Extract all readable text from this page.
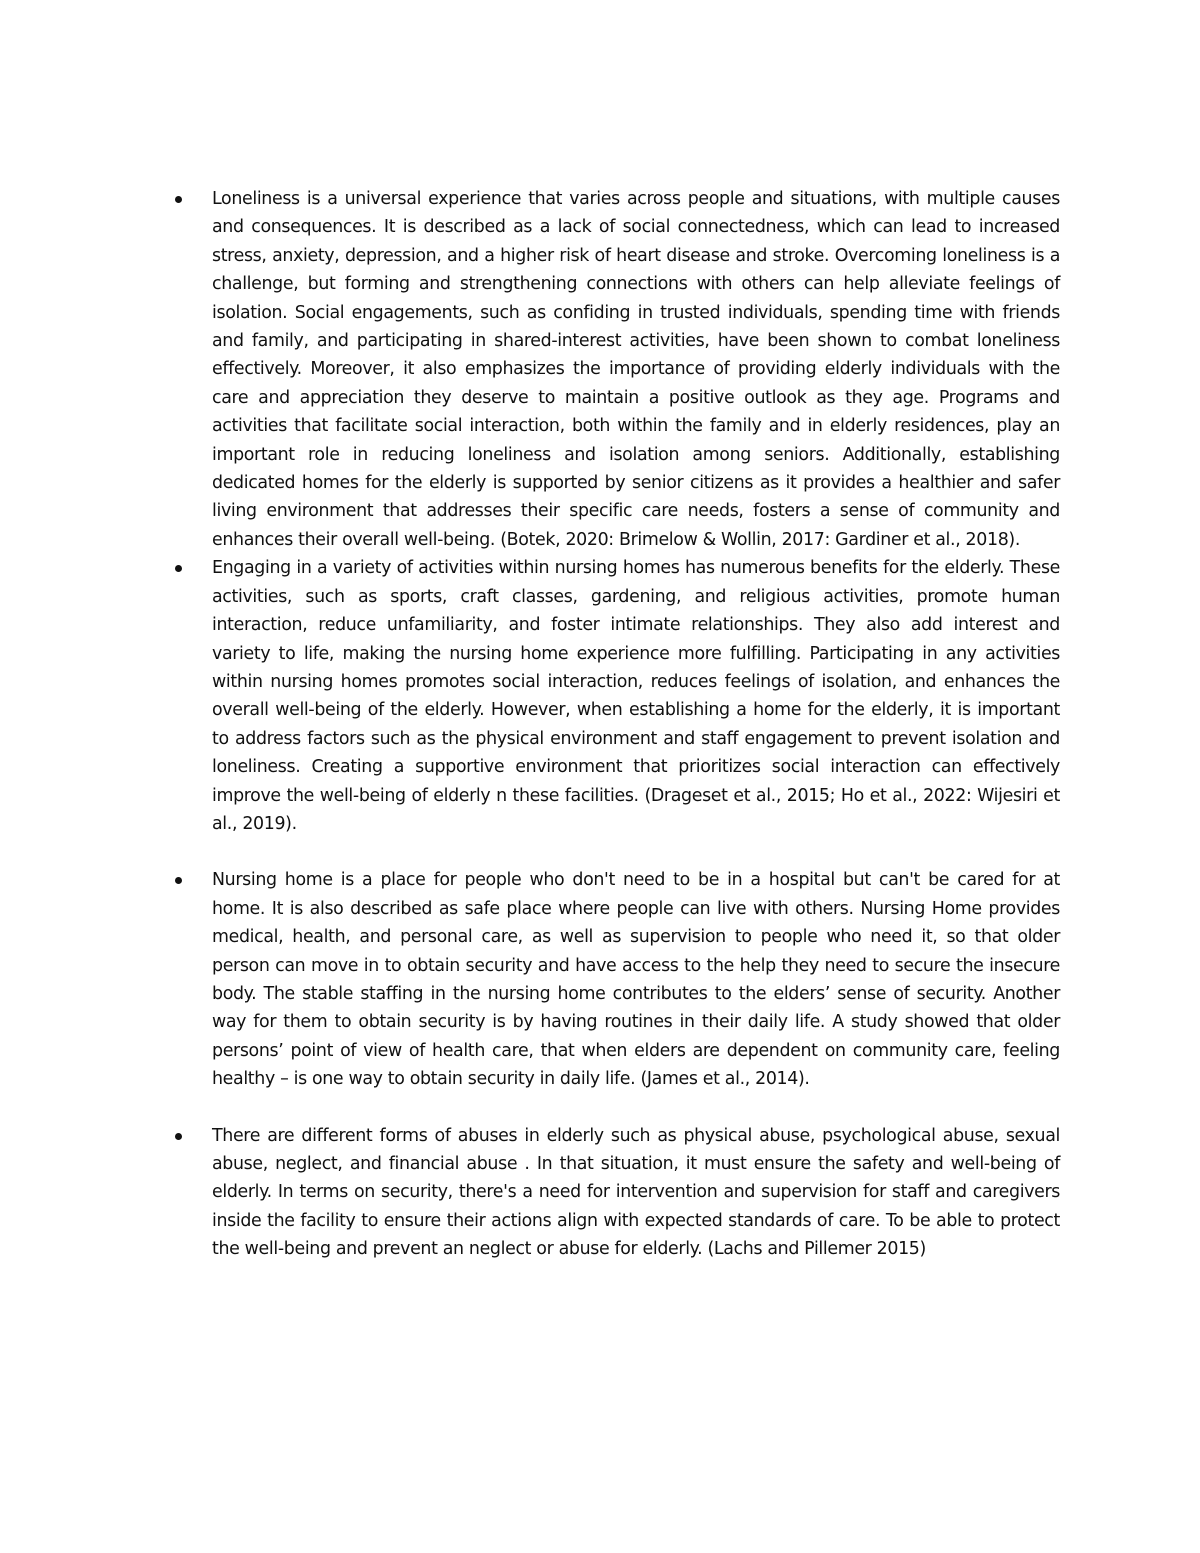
Loneliness is a universal experience that varies across people and situations, with multiple causes and consequences. It is described as a lack of social connectedness, which can lead to increased stress, anxiety, depression, and a higher risk of heart disease and stroke. Overcoming loneliness is a challenge, but forming and strengthening connections with others can help alleviate feelings of isolation. Social engagements, such as confiding in trusted individuals, spending time with friends and family, and participating in shared-interest activities, have been shown to combat loneliness effectively. Moreover, it also emphasizes the importance of providing elderly individuals with the care and appreciation they deserve to maintain a positive outlook as they age. Programs and activities that facilitate social interaction, both within the family and in elderly residences, play an important role in reducing loneliness and isolation among seniors. Additionally, establishing dedicated homes for the elderly is supported by senior citizens as it provides a healthier and safer living environment that addresses their specific care needs, fosters a sense of community and enhances their overall well-being. (Botek, 2020: Brimelow & Wollin, 2017: Gardiner et al., 2018).
Engaging in a variety of activities within nursing homes has numerous benefits for the elderly. These activities, such as sports, craft classes, gardening, and religious activities, promote human interaction, reduce unfamiliarity, and foster intimate relationships. They also add interest and variety to life, making the nursing home experience more fulfilling. Participating in any activities within nursing homes promotes social interaction, reduces feelings of isolation, and enhances the overall well-being of the elderly. However, when establishing a home for the elderly, it is important to address factors such as the physical environment and staff engagement to prevent isolation and loneliness. Creating a supportive environment that prioritizes social interaction can effectively improve the well-being of elderly n these facilities. (Drageset et al., 2015; Ho et al., 2022: Wijesiri et al., 2019).
Nursing home is a place for people who don't need to be in a hospital but can't be cared for at home. It is also described as safe place where people can live with others. Nursing Home provides medical, health, and personal care, as well as supervision to people who need it, so that older person can move in to obtain security and have access to the help they need to secure the insecure body. The stable staffing in the nursing home contributes to the elders’ sense of security. Another way for them to obtain security is by having routines in their daily life. A study showed that older persons’ point of view of health care, that when elders are dependent on community care, feeling healthy – is one way to obtain security in daily life. (James et al., 2014).
There are different forms of abuses in elderly such as physical abuse, psychological abuse, sexual abuse, neglect, and financial abuse . In that situation, it must ensure the safety and well-being of elderly. In terms on security, there's a need for intervention and supervision for staff and caregivers inside the facility to ensure their actions align with expected standards of care. To be able to protect the well-being and prevent an neglect or abuse for elderly. (Lachs and Pillemer 2015)
